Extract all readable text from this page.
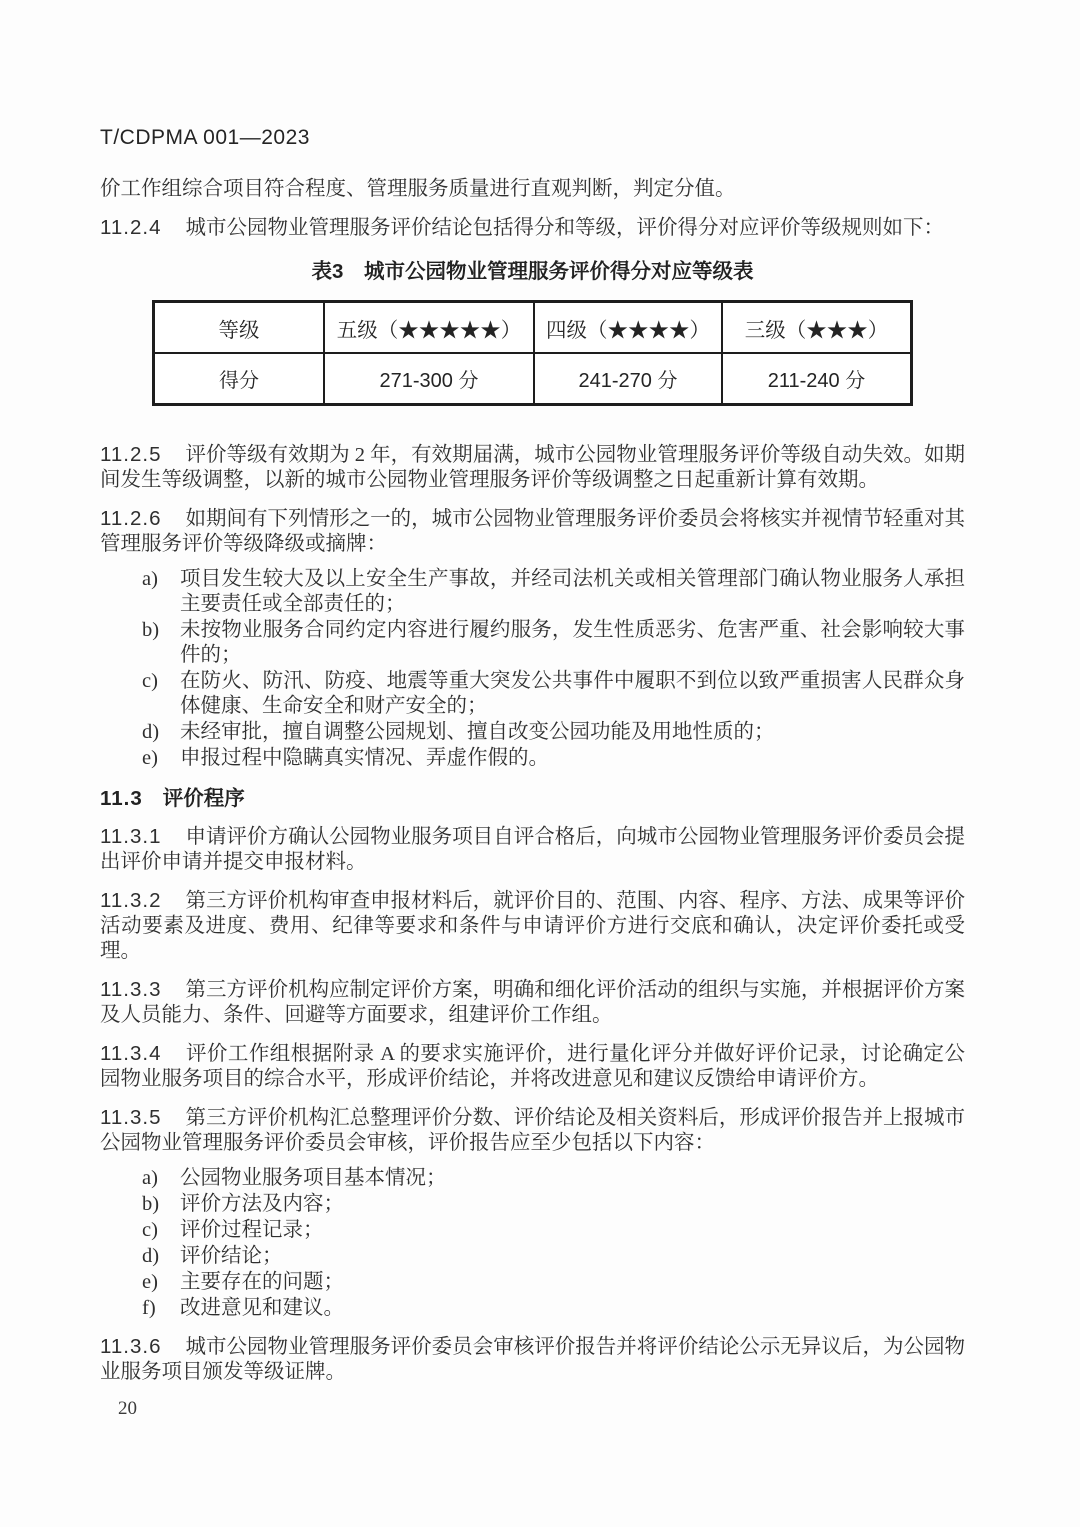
T/CDPMA 001—2023

价工作组综合项目符合程度、管理服务质量进行直观判断，判定分值。

11.2.4 城市公园物业管理服务评价结论包括得分和等级，评价得分对应评价等级规则如下：

表3　城市公园物业管理服务评价得分对应等级表
等级	五级（★★★★★）	四级（★★★★）	三级（★★★）
得分	271-300 分	241-270 分	211-240 分

11.2.5 评价等级有效期为 2 年，有效期届满，城市公园物业管理服务评价等级自动失效。如期间发生等级调整，以新的城市公园物业管理服务评价等级调整之日起重新计算有效期。

11.2.6 如期间有下列情形之一的，城市公园物业管理服务评价委员会将核实并视情节轻重对其管理服务评价等级降级或摘牌：

a)	项目发生较大及以上安全生产事故，并经司法机关或相关管理部门确认物业服务人承担主要责任或全部责任的；
b)	未按物业服务合同约定内容进行履约服务，发生性质恶劣、危害严重、社会影响较大事件的；
c)	在防火、防汛、防疫、地震等重大突发公共事件中履职不到位以致严重损害人民群众身体健康、生命安全和财产安全的；
d)	未经审批，擅自调整公园规划、擅自改变公园功能及用地性质的；
e)	申报过程中隐瞒真实情况、弄虚作假的。

11.3 评价程序

11.3.1 申请评价方确认公园物业服务项目自评合格后，向城市公园物业管理服务评价委员会提出评价申请并提交申报材料。

11.3.2 第三方评价机构审查申报材料后，就评价目的、范围、内容、程序、方法、成果等评价活动要素及进度、费用、纪律等要求和条件与申请评价方进行交底和确认，决定评价委托或受理。

11.3.3 第三方评价机构应制定评价方案，明确和细化评价活动的组织与实施，并根据评价方案及人员能力、条件、回避等方面要求，组建评价工作组。

11.3.4 评价工作组根据附录 A 的要求实施评价，进行量化评分并做好评价记录，讨论确定公园物业服务项目的综合水平，形成评价结论，并将改进意见和建议反馈给申请评价方。

11.3.5 第三方评价机构汇总整理评价分数、评价结论及相关资料后，形成评价报告并上报城市公园物业管理服务评价委员会审核，评价报告应至少包括以下内容：

a)	公园物业服务项目基本情况；
b)	评价方法及内容；
c)	评价过程记录；
d)	评价结论；
e)	主要存在的问题；
f)	改进意见和建议。

11.3.6 城市公园物业管理服务评价委员会审核评价报告并将评价结论公示无异议后，为公园物业服务项目颁发等级证牌。

20
